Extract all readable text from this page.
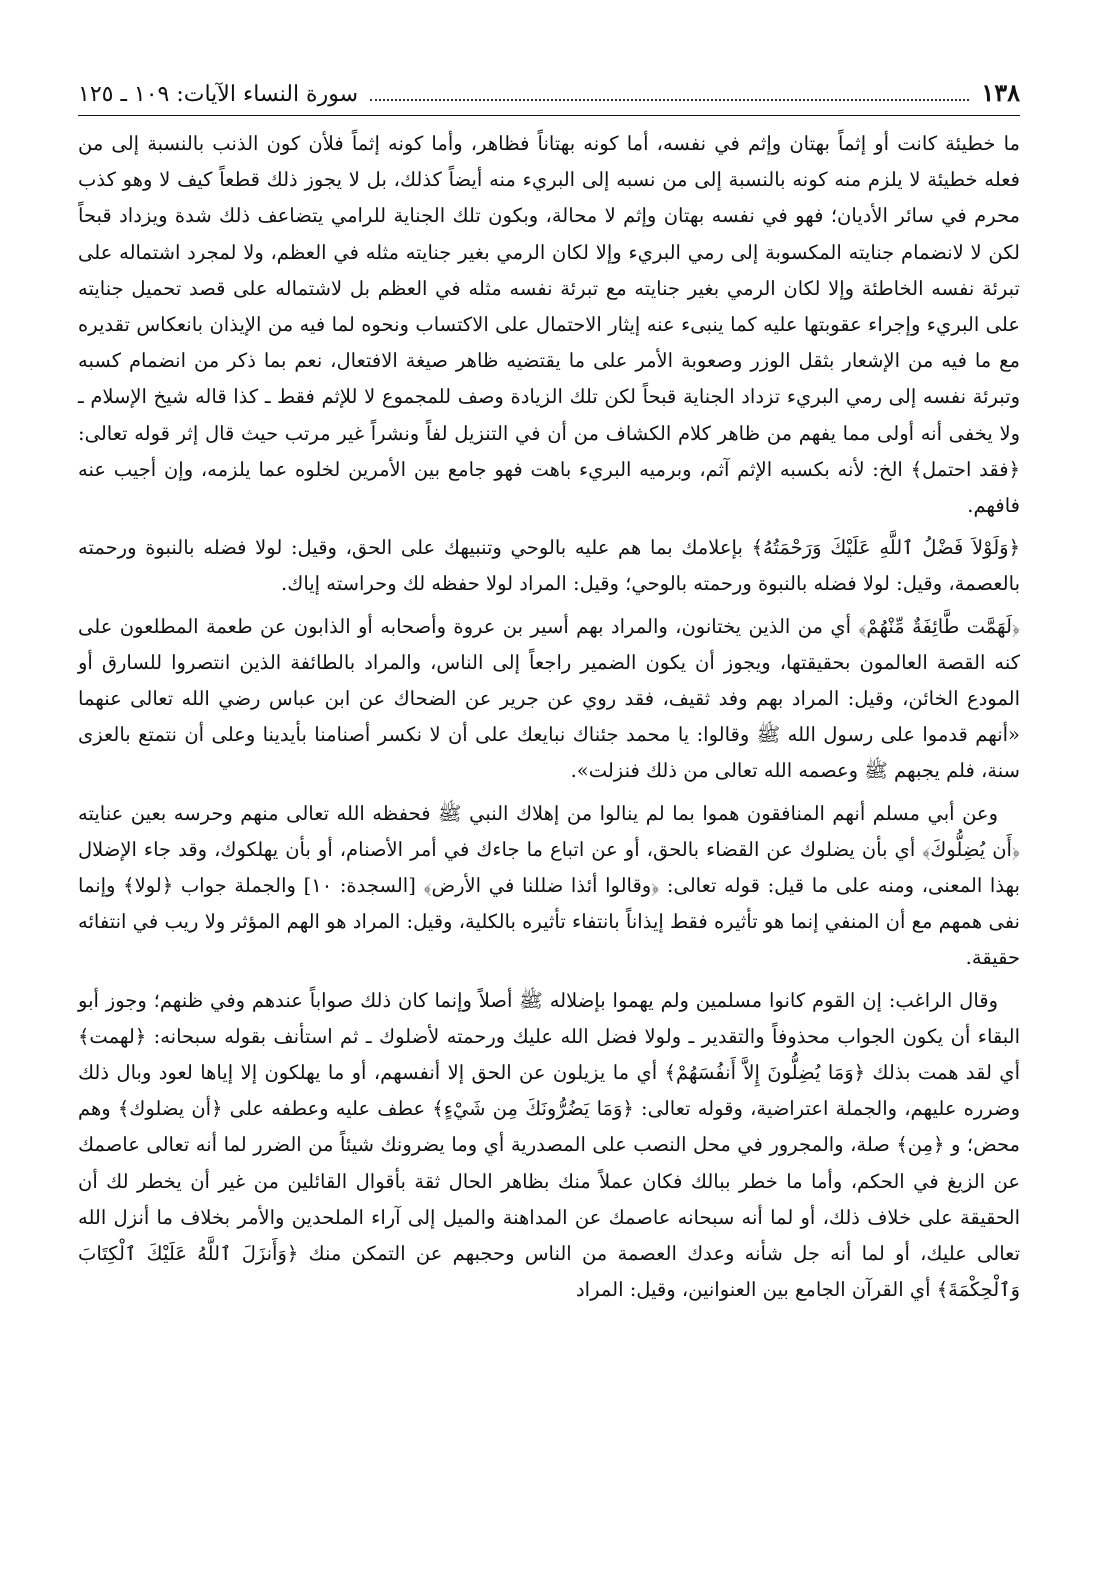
١٣٨
سورة النساء الآيات: ١٠٩ ـ ١٢٥

ما خطيئة كانت أو إثماً بهتان وإثم في نفسه، أما كونه بهتاناً فظاهر، وأما كونه إثماً فلأن كون الذنب بالنسبة إلى من فعله خطيئة لا يلزم منه كونه بالنسبة إلى من نسبه إلى البريء منه أيضاً كذلك، بل لا يجوز ذلك قطعاً كيف لا وهو كذب محرم في سائر الأديان؛ فهو في نفسه بهتان وإثم لا محالة، وبكون تلك الجناية للرامي يتضاعف ذلك شدة ويزداد قبحاً لكن لا لانضمام جنايته المكسوبة إلى رمي البريء وإلا لكان الرمي بغير جنايته مثله في العظم، ولا لمجرد اشتماله على تبرئة نفسه الخاطئة وإلا لكان الرمي بغير جنايته مع تبرئة نفسه مثله في العظم بل لاشتماله على قصد تحميل جنايته على البريء وإجراء عقوبتها عليه كما ينبىء عنه إيثار الاحتمال على الاكتساب ونحوه لما فيه من الإيذان بانعكاس تقديره مع ما فيه من الإشعار بثقل الوزر وصعوبة الأمر على ما يقتضيه ظاهر صيغة الافتعال، نعم بما ذكر من انضمام كسبه وتبرئة نفسه إلى رمي البريء تزداد الجناية قبحاً لكن تلك الزيادة وصف للمجموع لا للإثم فقط ـ كذا قاله شيخ الإسلام ـ ولا يخفى أنه أولى مما يفهم من ظاهر كلام الكشاف من أن في التنزيل لفاً ونشراً غير مرتب حيث قال إثر قوله تعالى: ﴿فقد احتمل﴾ الخ: لأنه بكسبه الإثم آثم، وبرميه البريء باهت فهو جامع بين الأمرين لخلوه عما يلزمه، وإن أجيب عنه فافهم.

﴿وَلَوْلاَ فَضْلُ ٱللَّهِ عَلَيْكَ وَرَحْمَتُهُ﴾ بإعلامك بما هم عليه بالوحي وتنبيهك على الحق، وقيل: لولا فضله بالنبوة ورحمته بالعصمة، وقيل: لولا فضله بالنبوة ورحمته بالوحي؛ وقيل: المراد لولا حفظه لك وحراسته إياك.

﴿لَهَمَّت طَّائِفَةٌ مِّنْهُمْ﴾ أي من الذين يختانون، والمراد بهم أسير بن عروة وأصحابه أو الذابون عن طعمة المطلعون على كنه القصة العالمون بحقيقتها، ويجوز أن يكون الضمير راجعاً إلى الناس، والمراد بالطائفة الذين انتصروا للسارق أو المودع الخائن، وقيل: المراد بهم وفد ثقيف، فقد روي عن جرير عن الضحاك عن ابن عباس رضي الله تعالى عنهما «أنهم قدموا على رسول الله ﷺ وقالوا: يا محمد جئناك نبايعك على أن لا نكسر أصنامنا بأيدينا وعلى أن نتمتع بالعزى سنة، فلم يجبهم ﷺ وعصمه الله تعالى من ذلك فنزلت».

وعن أبي مسلم أنهم المنافقون هموا بما لم ينالوا من إهلاك النبي ﷺ فحفظه الله تعالى منهم وحرسه بعين عنايته ﴿أَن يُضِلُّوكَ﴾ أي بأن يضلوك عن القضاء بالحق، أو عن اتباع ما جاءك في أمر الأصنام، أو بأن يهلكوك، وقد جاء الإضلال بهذا المعنى، ومنه على ما قيل: قوله تعالى: ﴿وقالوا أئذا ضللنا في الأرض﴾ [السجدة: ١٠] والجملة جواب ﴿لولا﴾ وإنما نفى همهم مع أن المنفي إنما هو تأثيره فقط إيذاناً بانتفاء تأثيره بالكلية، وقيل: المراد هو الهم المؤثر ولا ريب في انتفائه حقيقة.

وقال الراغب: إن القوم كانوا مسلمين ولم يهموا بإضلاله ﷺ أصلاً وإنما كان ذلك صواباً عندهم وفي ظنهم؛ وجوز أبو البقاء أن يكون الجواب محذوفاً والتقدير ـ ولولا فضل الله عليك ورحمته لأضلوك ـ ثم استأنف بقوله سبحانه: ﴿لهمت﴾ أي لقد همت بذلك ﴿وَمَا يُضِلُّونَ إِلاَّ أَنفُسَهُمْ﴾ أي ما يزيلون عن الحق إلا أنفسهم، أو ما يهلكون إلا إياها لعود وبال ذلك وضرره عليهم، والجملة اعتراضية، وقوله تعالى: ﴿وَمَا يَضُرُّونَكَ مِن شَيْءٍ﴾ عطف عليه وعطفه على ﴿أن يضلوك﴾ وهم محض؛ و ﴿مِن﴾ صلة، والمجرور في محل النصب على المصدرية أي وما يضرونك شيئاً من الضرر لما أنه تعالى عاصمك عن الزيغ في الحكم، وأما ما خطر ببالك فكان عملاً منك بظاهر الحال ثقة بأقوال القائلين من غير أن يخطر لك أن الحقيقة على خلاف ذلك، أو لما أنه سبحانه عاصمك عن المداهنة والميل إلى آراء الملحدين والأمر بخلاف ما أنزل الله تعالى عليك، أو لما أنه جل شأنه وعدك العصمة من الناس وحجبهم عن التمكن منك ﴿وَأَنزَلَ ٱللَّهُ عَلَيْكَ ٱلْكِتَابَ وَٱلْحِكْمَةَ﴾ أي القرآن الجامع بين العنوانين، وقيل: المراد
